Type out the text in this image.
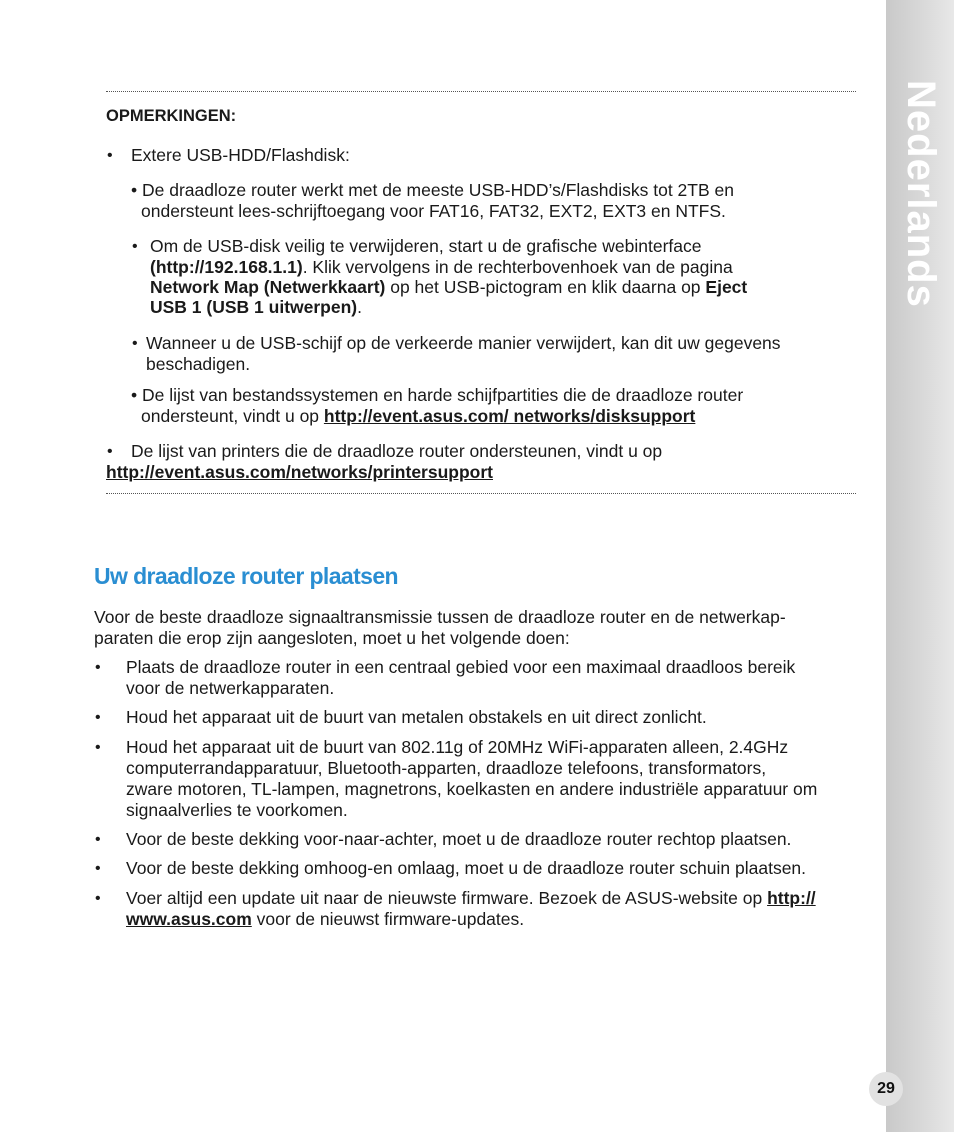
Nederlands
OPMERKINGEN:
• Extere USB-HDD/Flashdisk:
• De draadloze router werkt met de meeste USB-HDD’s/Flashdisks tot 2TB en
ondersteunt lees-schrijftoegang voor FAT16, FAT32, EXT2, EXT3 en NTFS.
• Om de USB-disk veilig te verwijderen, start u de grafische webinterface
(http://192.168.1.1). Klik vervolgens in de rechterbovenhoek van de pagina
Network Map (Netwerkkaart) op het USB-pictogram en klik daarna op Eject
USB 1 (USB 1 uitwerpen).
• Wanneer u de USB-schijf op de verkeerde manier verwijdert, kan dit uw gegevens
beschadigen.
• De lijst van bestandssystemen en harde schijfpartities die de draadloze router
ondersteunt, vindt u op http://event.asus.com/ networks/disksupport
• De lijst van printers die de draadloze router ondersteunen, vindt u op
http://event.asus.com/networks/printersupport
Uw draadloze router plaatsen
Voor de beste draadloze signaaltransmissie tussen de draadloze router en de netwerkap-
paraten die erop zijn aangesloten, moet u het volgende doen:
• Plaats de draadloze router in een centraal gebied voor een maximaal draadloos bereik
voor de netwerkapparaten.
• Houd het apparaat uit de buurt van metalen obstakels en uit direct zonlicht.
• Houd het apparaat uit de buurt van 802.11g of 20MHz WiFi-apparaten alleen, 2.4GHz
computerrandapparatuur, Bluetooth-apparten, draadloze telefoons, transformators,
zware motoren, TL-lampen, magnetrons, koelkasten en andere industriële apparatuur om
signaalverlies te voorkomen.
• Voor de beste dekking voor-naar-achter, moet u de draadloze router rechtop plaatsen.
• Voor de beste dekking omhoog-en omlaag, moet u de draadloze router schuin plaatsen.
• Voer altijd een update uit naar de nieuwste firmware. Bezoek de ASUS-website op http://
www.asus.com voor de nieuwst firmware-updates.
29
